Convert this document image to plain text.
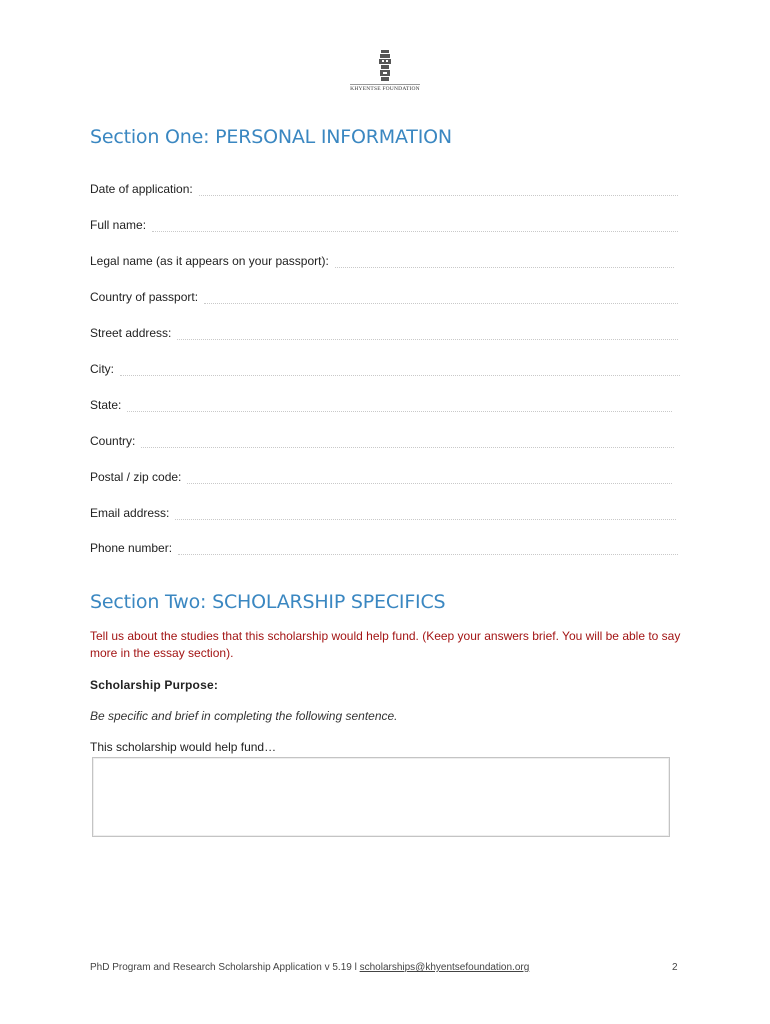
KHYENTSE FOUNDATION
Section One: PERSONAL INFORMATION
Date of application:
Full name:
Legal name (as it appears on your passport):
Country of passport:
Street address:
City:
State:
Country:
Postal / zip code:
Email address:
Phone number:
Section Two: SCHOLARSHIP SPECIFICS
Tell us about the studies that this scholarship would help fund. (Keep your answers brief. You will be able to say more in the essay section).
Scholarship Purpose:
Be specific and brief in completing the following sentence.
This scholarship would help fund…
PhD Program and Research Scholarship Application v 5.19 l scholarships@khyentsefoundation.org	2
